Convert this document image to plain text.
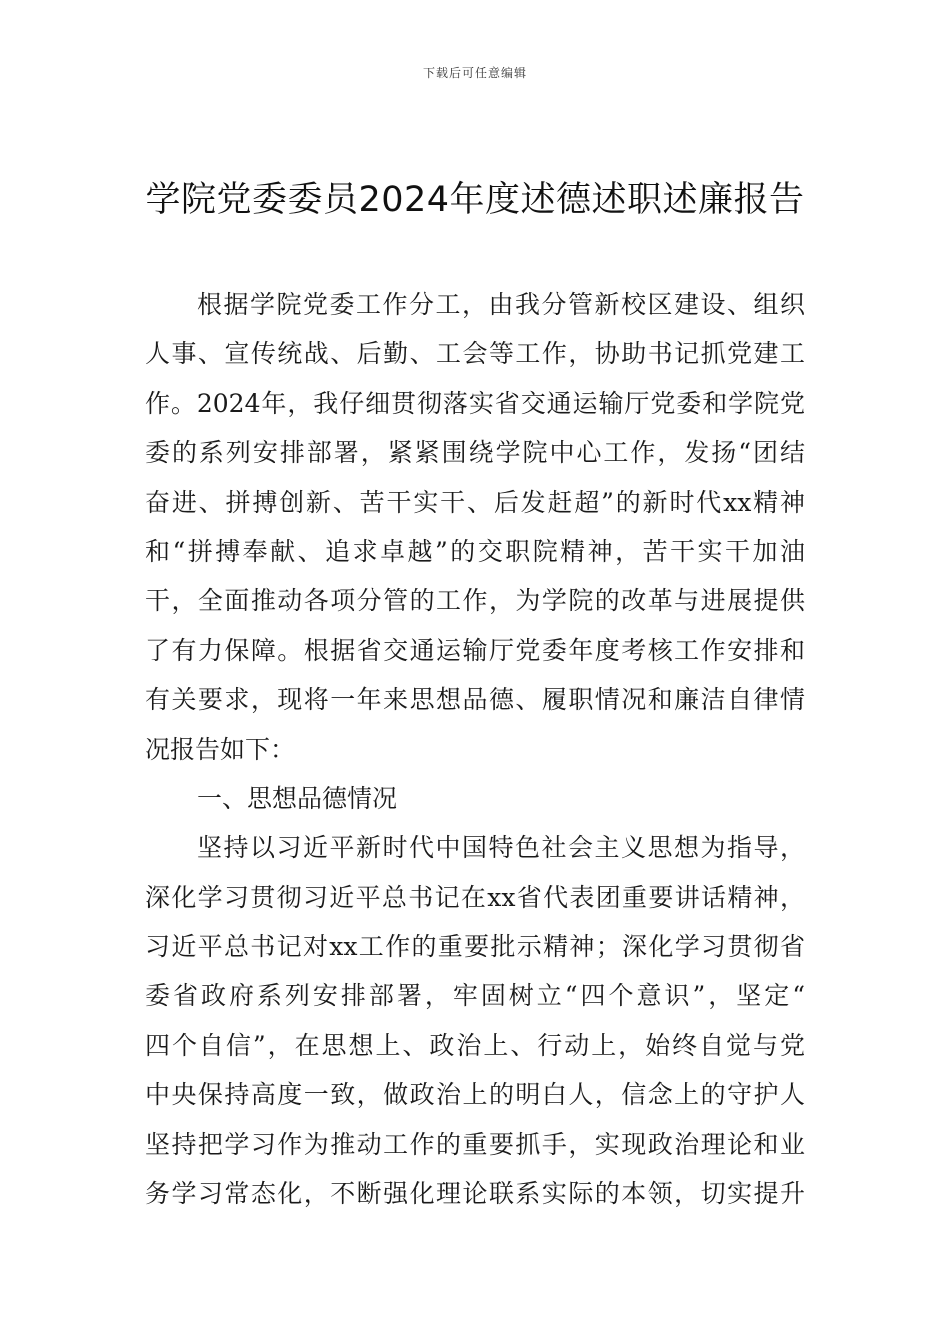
下载后可任意编辑
学院党委委员2024年度述德述职述廉报告
根据学院党委工作分工，由我分管新校区建设、组织
人事、宣传统战、后勤、工会等工作，协助书记抓党建工
作。2024年，我仔细贯彻落实省交通运输厅党委和学院党
委的系列安排部署，紧紧围绕学院中心工作，发扬“团结
奋进、拼搏创新、苦干实干、后发赶超”的新时代xx精神
和“拼搏奉献、追求卓越”的交职院精神，苦干实干加油
干，全面推动各项分管的工作，为学院的改革与进展提供
了有力保障。根据省交通运输厅党委年度考核工作安排和
有关要求，现将一年来思想品德、履职情况和廉洁自律情
况报告如下：
一、思想品德情况
坚持以习近平新时代中国特色社会主义思想为指导，
深化学习贯彻习近平总书记在xx省代表团重要讲话精神，
习近平总书记对xx工作的重要批示精神；深化学习贯彻省
委省政府系列安排部署，牢固树立“四个意识”，坚定“
四个自信”，在思想上、政治上、行动上，始终自觉与党
中央保持高度一致，做政治上的明白人，信念上的守护人
坚持把学习作为推动工作的重要抓手，实现政治理论和业
务学习常态化，不断强化理论联系实际的本领，切实提升
